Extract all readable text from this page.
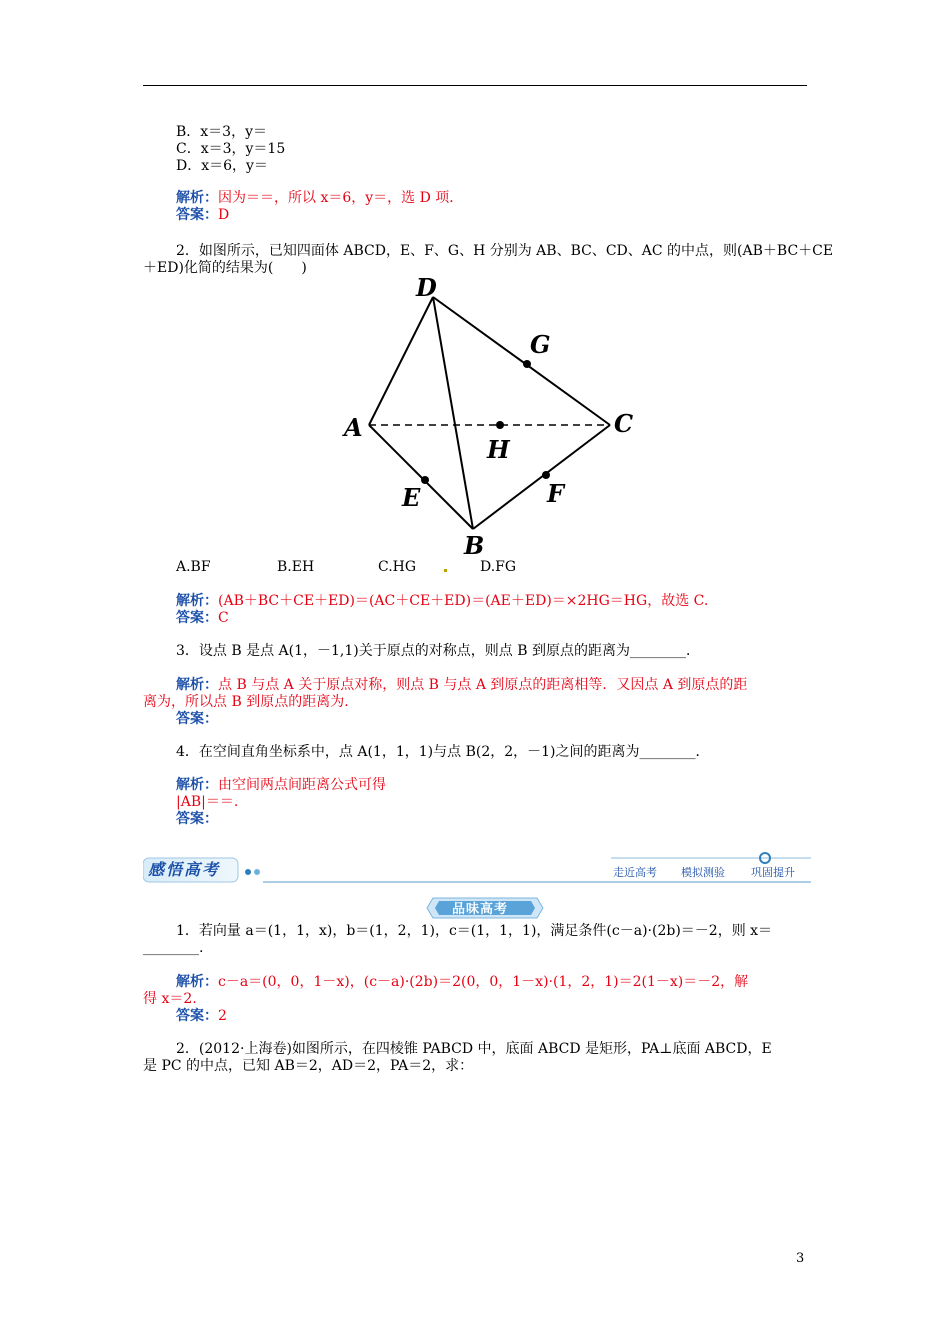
B．x＝3，y＝
C．x＝3，y＝15
D．x＝6，y＝
解析：因为＝＝，所以 x＝6，y＝，选 D 项．
答案：D
2．如图所示，已知四面体 ABCD，E、F、G、H 分别为 AB、BC、CD、AC 的中点，则(AB＋BC＋CE
＋ED)化简的结果为(　　)
D
G
A	C
H
E	F
B
A.BF	B.EH	C.HG	D.FG
解析：(AB＋BC＋CE＋ED)＝(AC＋CE＋ED)＝(AE＋ED)＝×2HG＝HG，故选 C.
答案：C
3．设点 B 是点 A(1，－1,1)关于原点的对称点，则点 B 到原点的距离为________．
解析：点 B 与点 A 关于原点对称，则点 B 与点 A 到原点的距离相等．又因点 A 到原点的距
离为，所以点 B 到原点的距离为.
答案：
4．在空间直角坐标系中，点 A(1，1，1)与点 B(2，2，－1)之间的距离为________．
解析：由空间两点间距离公式可得
|AB|＝＝.
答案：
感悟高考	走近高考 模拟测验 巩固提升
品味高考
1．若向量 a＝(1，1，x)，b＝(1，2，1)，c＝(1，1，1)，满足条件(c－a)·(2b)＝－2，则 x＝
________.
解析：c－a＝(0，0，1－x)，(c－a)·(2b)＝2(0，0，1－x)·(1，2，1)＝2(1－x)＝－2，解
得 x＝2.
答案：2
2．(2012·上海卷)如图所示，在四棱锥 PABCD 中，底面 ABCD 是矩形，PA⊥底面 ABCD，E
是 PC 的中点，已知 AB＝2，AD＝2，PA＝2，求：
3
